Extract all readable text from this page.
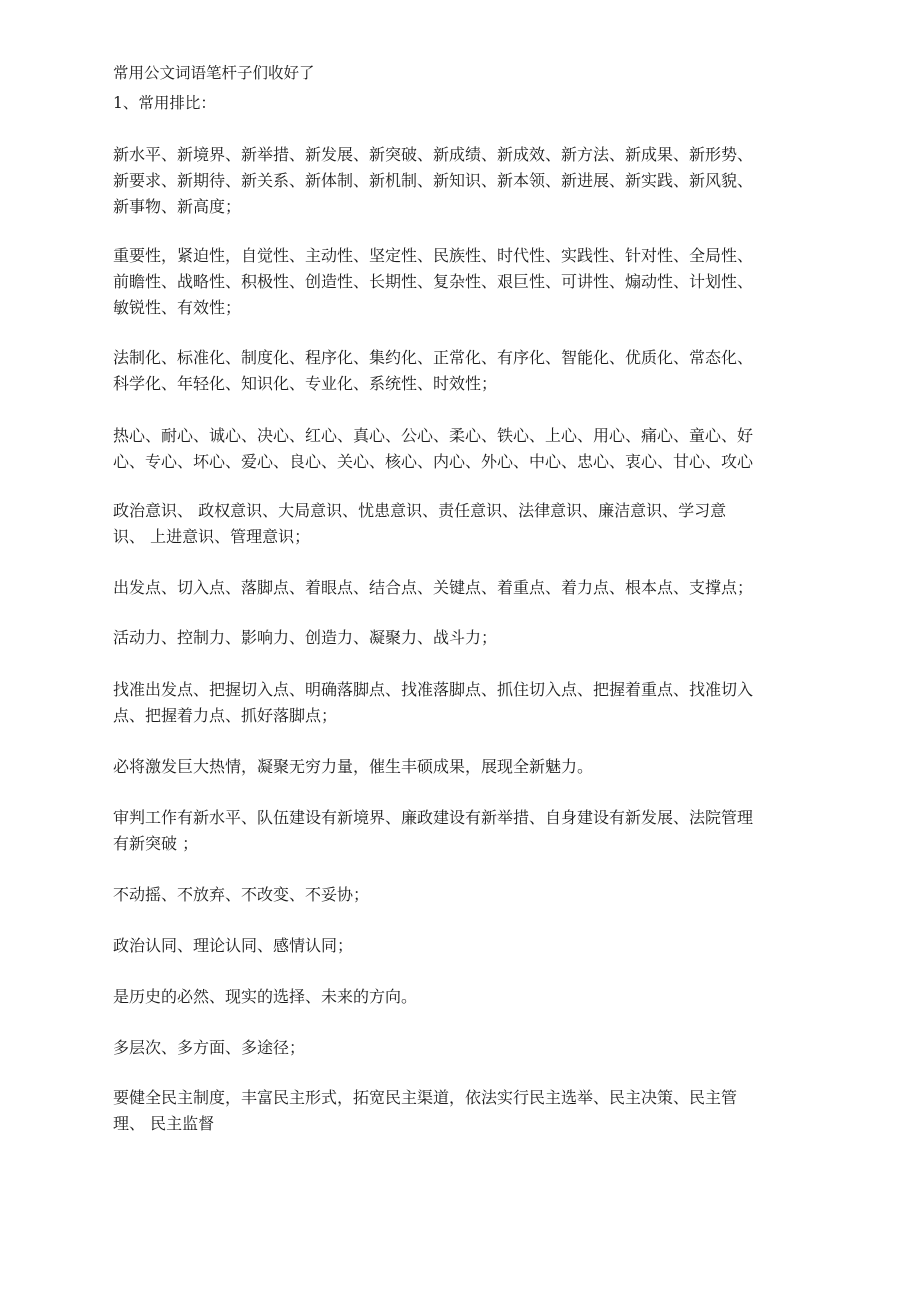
常用公文词语笔杆子们收好了
1、常用排比：

新水平、新境界、新举措、新发展、新突破、新成绩、新成效、新方法、新成果、新形势、
新要求、新期待、新关系、新体制、新机制、新知识、新本领、新进展、新实践、新风貌、
新事物、新高度；

重要性，紧迫性，自觉性、主动性、坚定性、民族性、时代性、实践性、针对性、全局性、
前瞻性、战略性、积极性、创造性、长期性、复杂性、艰巨性、可讲性、煽动性、计划性、
敏锐性、有效性；

法制化、标准化、制度化、程序化、集约化、正常化、有序化、智能化、优质化、常态化、
科学化、年轻化、知识化、专业化、系统性、时效性；

热心、耐心、诚心、决心、红心、真心、公心、柔心、铁心、上心、用心、痛心、童心、好
心、专心、坏心、爱心、良心、关心、核心、内心、外心、中心、忠心、衷心、甘心、攻心

政治意识、 政权意识、大局意识、忧患意识、责任意识、法律意识、廉洁意识、学习意
识、 上进意识、管理意识；

出发点、切入点、落脚点、着眼点、结合点、关键点、着重点、着力点、根本点、支撑点；

活动力、控制力、影响力、创造力、凝聚力、战斗力；

找准出发点、把握切入点、明确落脚点、找准落脚点、抓住切入点、把握着重点、找准切入
点、把握着力点、抓好落脚点；

必将激发巨大热情，凝聚无穷力量，催生丰硕成果，展现全新魅力。

审判工作有新水平、队伍建设有新境界、廉政建设有新举措、自身建设有新发展、法院管理
有新突破 ；

不动摇、不放弃、不改变、不妥协；

政治认同、理论认同、感情认同；

是历史的必然、现实的选择、未来的方向。

多层次、多方面、多途径；

要健全民主制度，丰富民主形式，拓宽民主渠道，依法实行民主选举、民主决策、民主管
理、 民主监督
